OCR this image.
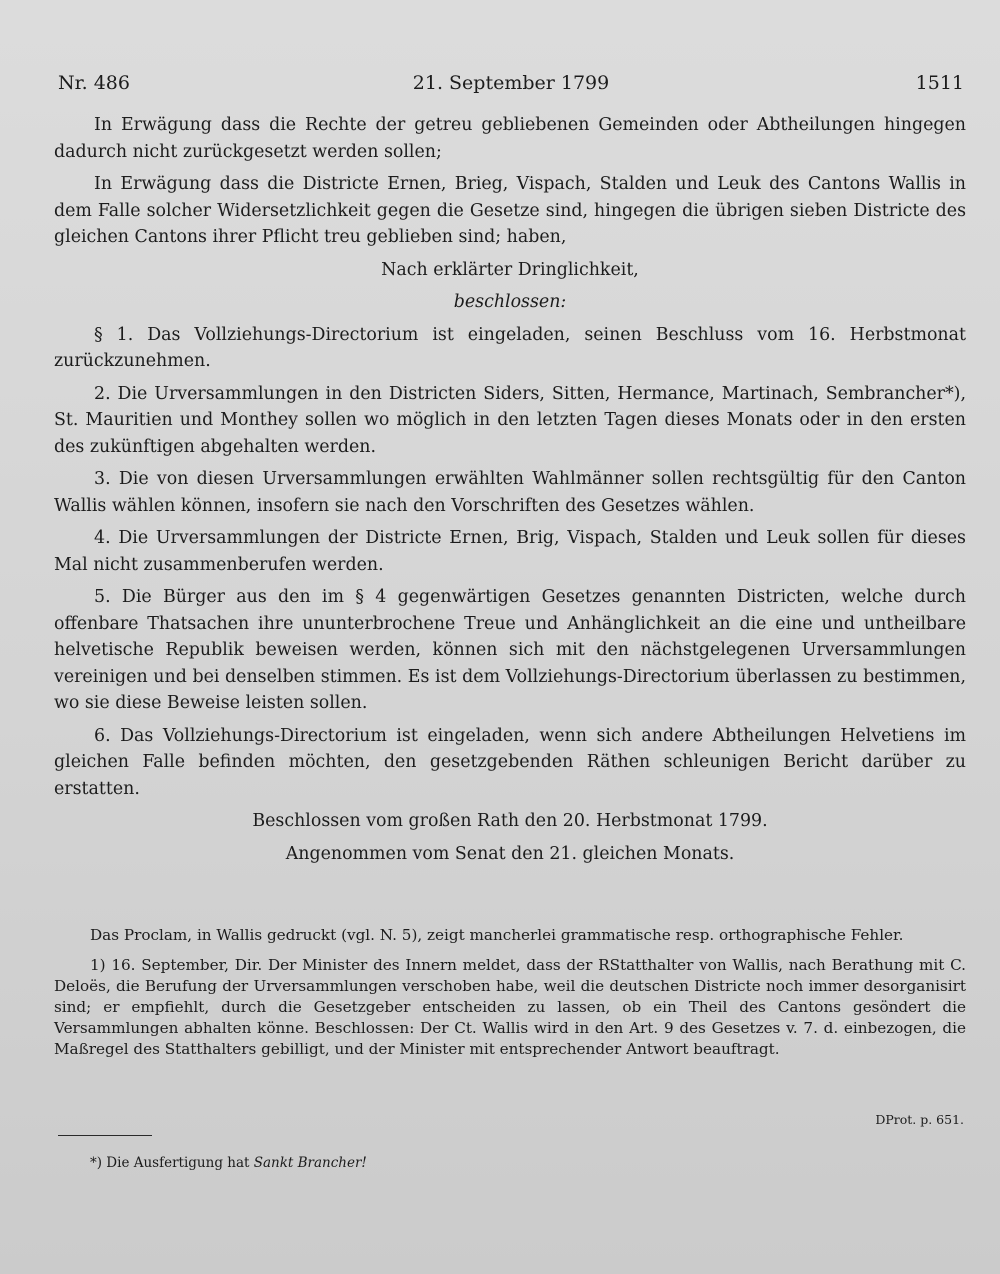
Nr. 486	21. September 1799	1511

In Erwägung dass die Rechte der getreu gebliebenen Gemeinden oder Abtheilungen hingegen dadurch nicht zurückgesetzt werden sollen;

In Erwägung dass die Districte Ernen, Brieg, Vispach, Stalden und Leuk des Cantons Wallis in dem Falle solcher Widersetzlichkeit gegen die Gesetze sind, hingegen die übrigen sieben Districte des gleichen Cantons ihrer Pflicht treu geblieben sind; haben,

Nach erklärter Dringlichkeit,

beschlossen:

§ 1. Das Vollziehungs-Directorium ist eingeladen, seinen Beschluss vom 16. Herbstmonat zurückzunehmen.

2. Die Urversammlungen in den Districten Siders, Sitten, Hermance, Martinach, Sembrancher*), St. Mauritien und Monthey sollen wo möglich in den letzten Tagen dieses Monats oder in den ersten des zukünftigen abgehalten werden.

3. Die von diesen Urversammlungen erwählten Wahlmänner sollen rechtsgültig für den Canton Wallis wählen können, insofern sie nach den Vorschriften des Gesetzes wählen.

4. Die Urversammlungen der Districte Ernen, Brig, Vispach, Stalden und Leuk sollen für dieses Mal nicht zusammenberufen werden.

5. Die Bürger aus den im § 4 gegenwärtigen Gesetzes genannten Districten, welche durch offenbare Thatsachen ihre ununterbrochene Treue und Anhänglichkeit an die eine und untheilbare helvetische Republik beweisen werden, können sich mit den nächstgelegenen Urversammlungen vereinigen und bei denselben stimmen. Es ist dem Vollziehungs-Directorium überlassen zu bestimmen, wo sie diese Beweise leisten sollen.

6. Das Vollziehungs-Directorium ist eingeladen, wenn sich andere Abtheilungen Helvetiens im gleichen Falle befinden möchten, den gesetzgebenden Räthen schleunigen Bericht darüber zu erstatten.

Beschlossen vom großen Rath den 20. Herbstmonat 1799.

Angenommen vom Senat den 21. gleichen Monats.

Das Proclam, in Wallis gedruckt (vgl. N. 5), zeigt mancherlei grammatische resp. orthographische Fehler.

1) 16. September, Dir. Der Minister des Innern meldet, dass der RStatthalter von Wallis, nach Berathung mit C. Deloës, die Berufung der Urversammlungen verschoben habe, weil die deutschen Districte noch immer desorganisirt sind; er empfiehlt, durch die Gesetzgeber entscheiden zu lassen, ob ein Theil des Cantons gesöndert die Versammlungen abhalten könne. Beschlossen: Der Ct. Wallis wird in den Art. 9 des Gesetzes v. 7. d. einbezogen, die Maßregel des Statthalters gebilligt, und der Minister mit entsprechender Antwort beauftragt.

DProt. p. 651.
*) Die Ausfertigung hat Sankt Brancher!
